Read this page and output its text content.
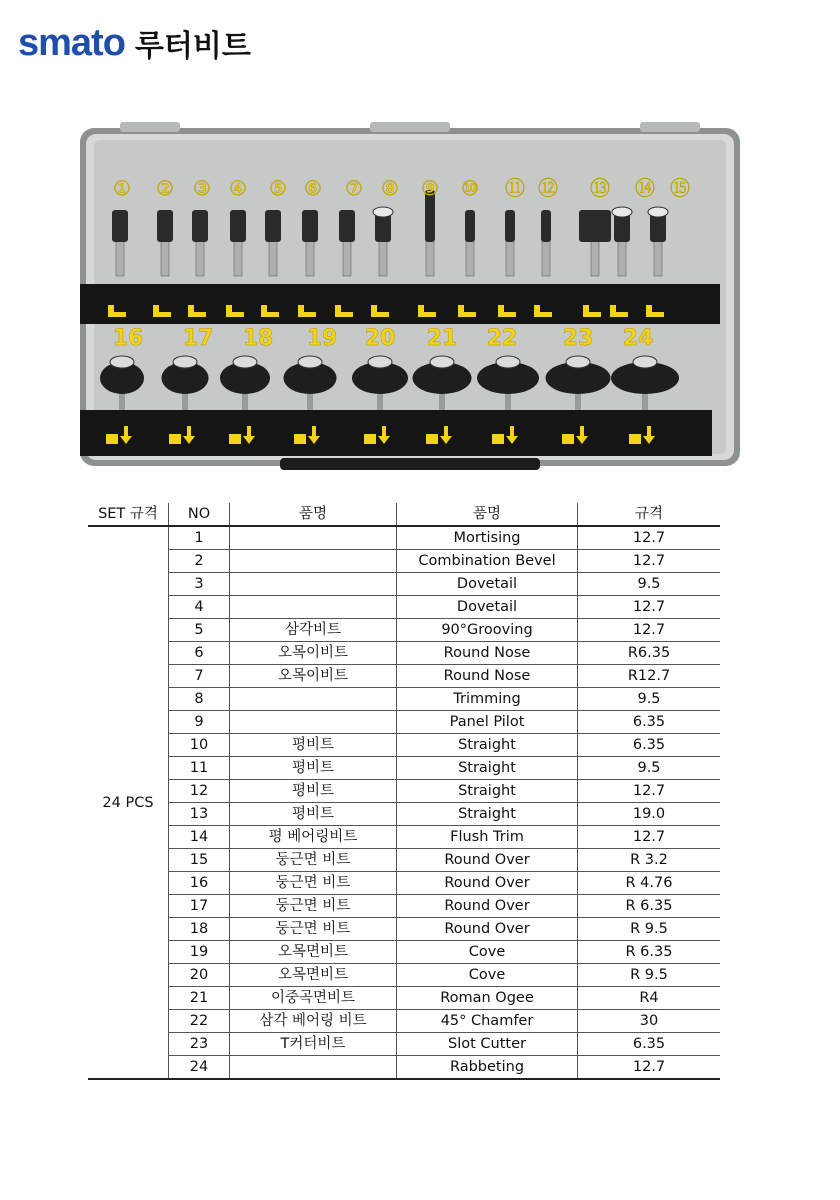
smato 루터비트
① ② ③ ④ ⑤ ⑥ ⑦ ⑧ ⑨ ⑩ ⑪ ⑫ ⑬ ⑭ ⑮
16 17 18 19 20 21 22 23 24
SET 규격	NO	품명	품명	규격
24 PCS	1		Mortising	12.7
	2		Combination Bevel	12.7
	3		Dovetail	9.5
	4		Dovetail	12.7
	5	삼각비트	90°Grooving	12.7
	6	오목이비트	Round Nose	R6.35
	7	오목이비트	Round Nose	R12.7
	8		Trimming	9.5
	9		Panel Pilot	6.35
	10	평비트	Straight	6.35
	11	평비트	Straight	9.5
	12	평비트	Straight	12.7
	13	평비트	Straight	19.0
	14	평 베어링비트	Flush Trim	12.7
	15	둥근면 비트	Round Over	R 3.2
	16	둥근면 비트	Round Over	R 4.76
	17	둥근면 비트	Round Over	R 6.35
	18	둥근면 비트	Round Over	R 9.5
	19	오목면비트	Cove	R 6.35
	20	오목면비트	Cove	R 9.5
	21	이중곡면비트	Roman Ogee	R4
	22	삼각 베어링 비트	45° Chamfer	30
	23	T커터비트	Slot Cutter	6.35
	24		Rabbeting	12.7
